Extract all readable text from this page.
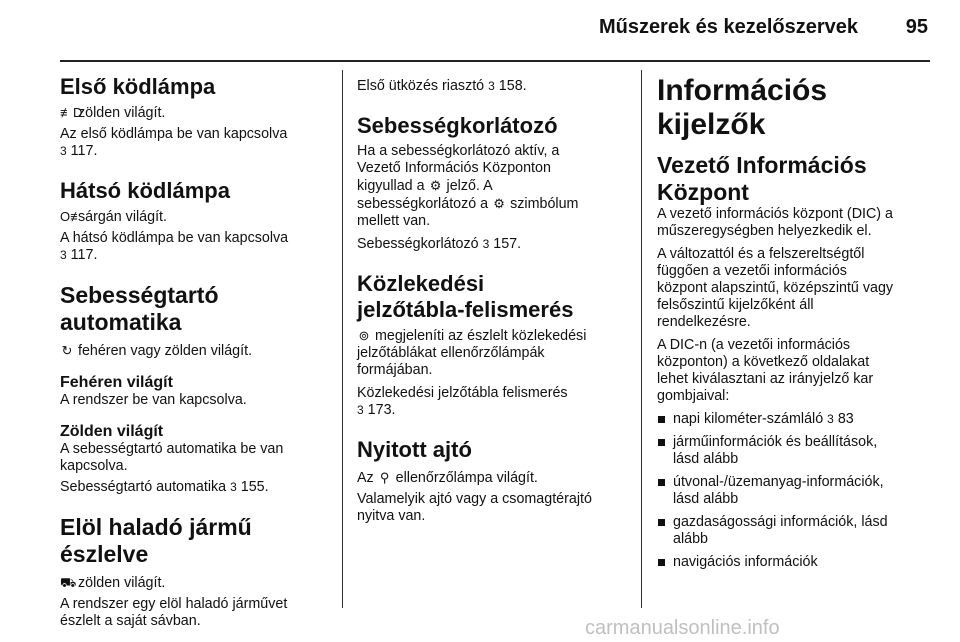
Műszerek és kezelőszervek 95
Első ködlámpa

≢D zölden világít.

Az első ködlámpa be van kapcsolva

3 117.

Hátsó ködlámpa

O≢ sárgán világít.

A hátsó ködlámpa be van kapcsolva

3 117.

Sebességtartó automatika

↻ fehéren vagy zölden világít.

Fehéren világít

A rendszer be van kapcsolva.

Zölden világít

A sebességtartó automatika be van

kapcsolva.

Sebességtartó automatika 3 155.

Elöl haladó jármű észlelve

⛟ zölden világít.

A rendszer egy elöl haladó járművet

észlelt a saját sávban.

Első ütközés riasztó 3 158.

Sebességkorlátozó

Ha a sebességkorlátozó aktív, a

Vezető Információs Központon

kigyullad a ⚙ jelző. A

sebességkorlátozó a ⚙ szimbólum

mellett van.

Sebességkorlátozó 3 157.

Közlekedési
jelzőtábla-felismerés

⊚ megjeleníti az észlelt közlekedési

jelzőtáblákat ellenőrzőlámpák

formájában.

Közlekedési jelzőtábla felismerés

3 173.

Nyitott ajtó

Az ⚲ ellenőrzőlámpa világít.

Valamelyik ajtó vagy a csomagtérajtó

nyitva van.

Információs kijelzők
Vezető Információs
Központ

A vezető információs központ (DIC) a

műszeregységben helyezkedik el.

A változattól és a felszereltségtől

függően a vezetői információs

központ alapszintű, középszintű vagy

felsőszintű kijelzőként áll

rendelkezésre.

A DIC-n (a vezetői információs

központon) a következő oldalakat

lehet kiválasztani az irányjelző kar

gombjaival:

napi kilométer-számláló 3 83
járműinformációk és beállítások,
lásd alább
útvonal-/üzemanyag-információk,
lásd alább
gazdaságossági információk, lásd
alább
navigációs információk
carmanualsonline.info
